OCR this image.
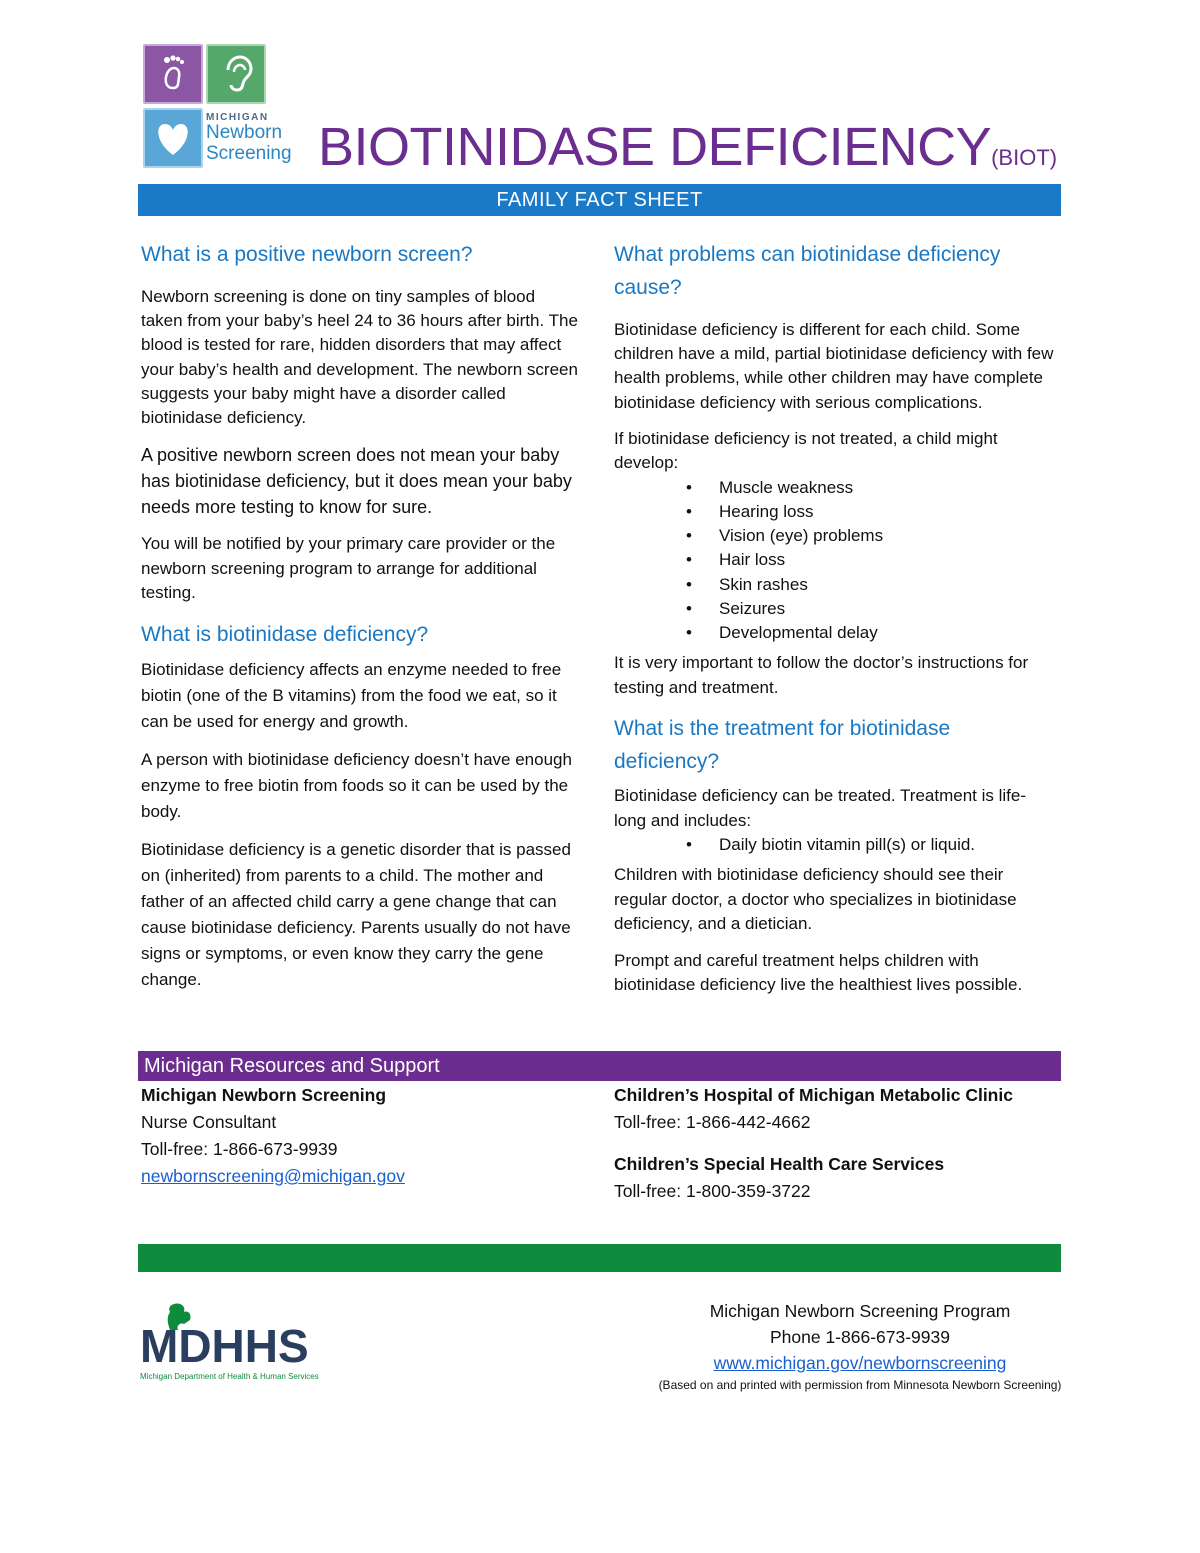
MICHIGAN
Newborn
Screening BIOTINIDASE DEFICIENCY(BIOT)
FAMILY FACT SHEET
What is a positive newborn screen?

Newborn screening is done on tiny samples of blood taken from your baby’s heel 24 to 36 hours after birth. The blood is tested for rare, hidden disorders that may affect your baby’s health and development. The newborn screen suggests your baby might have a disorder called biotinidase deficiency.

A positive newborn screen does not mean your baby has biotinidase deficiency, but it does mean your baby needs more testing to know for sure.

You will be notified by your primary care provider or the newborn screening program to arrange for additional testing.

What is biotinidase deficiency?

Biotinidase deficiency affects an enzyme needed to free biotin (one of the B vitamins) from the food we eat, so it can be used for energy and growth.

A person with biotinidase deficiency doesn’t have enough enzyme to free biotin from foods so it can be used by the body.

Biotinidase deficiency is a genetic disorder that is passed on (inherited) from parents to a child. The mother and father of an affected child carry a gene change that can cause biotinidase deficiency. Parents usually do not have signs or symptoms, or even know they carry the gene change.

What problems can biotinidase deficiency cause?

Biotinidase deficiency is different for each child. Some children have a mild, partial biotinidase deficiency with few health problems, while other children may have complete biotinidase deficiency with serious complications.

If biotinidase deficiency is not treated, a child might develop:

• Muscle weakness
• Hearing loss
• Vision (eye) problems
• Hair loss
• Skin rashes
• Seizures
• Developmental delay

It is very important to follow the doctor’s instructions for testing and treatment.

What is the treatment for biotinidase deficiency?

Biotinidase deficiency can be treated. Treatment is life-long and includes:

• Daily biotin vitamin pill(s) or liquid.

Children with biotinidase deficiency should see their regular doctor, a doctor who specializes in biotinidase deficiency, and a dietician.

Prompt and careful treatment helps children with biotinidase deficiency live the healthiest lives possible.

Michigan Resources and Support
Michigan Newborn Screening
Nurse Consultant
Toll-free: 1-866-673-9939
newbornscreening@michigan.gov
Children’s Hospital of Michigan Metabolic Clinic
Toll-free: 1-866-442-4662
Children’s Special Health Care Services
Toll-free: 1-800-359-3722
MDHHS
Michigan Department of Health & Human Services
Michigan Newborn Screening Program
Phone 1-866-673-9939
www.michigan.gov/newbornscreening
(Based on and printed with permission from Minnesota Newborn Screening)
